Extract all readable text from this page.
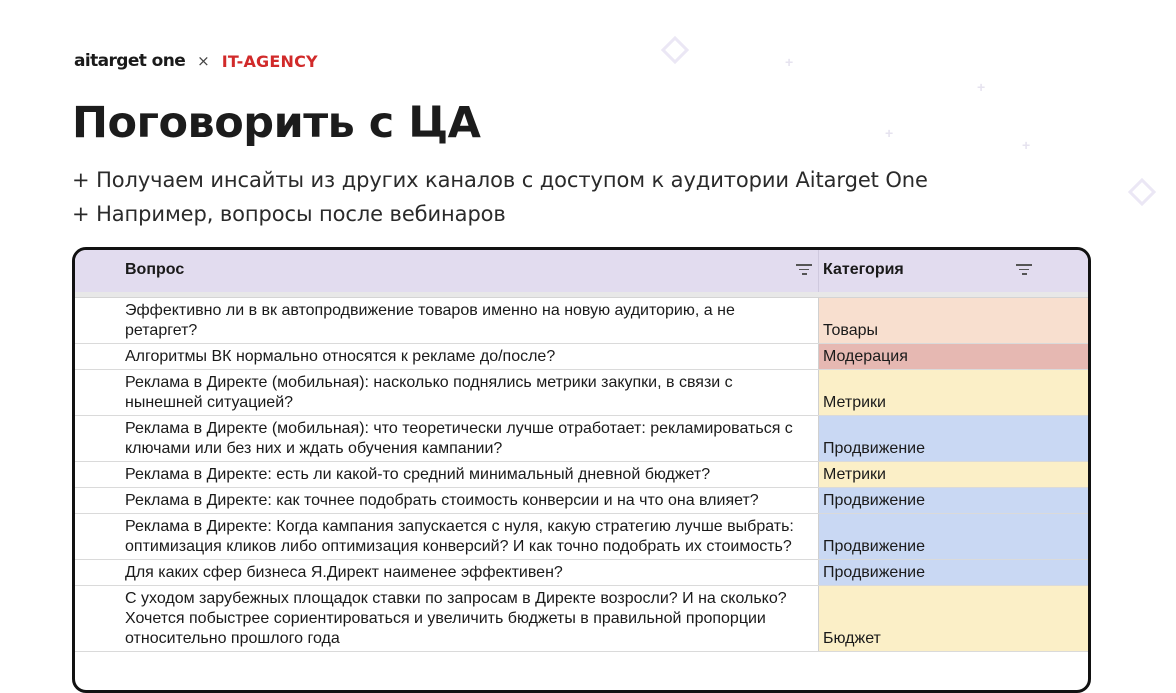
+
+
+
+
aitarget one × IT-AGENCY
Поговорить с ЦА
+ Получаем инсайты из других каналов с доступом к аудитории Aitarget One
+ Например, вопросы после вебинаров
Вопрос	Категория
Эффективно ли в вк автопродвижение товаров именно на новую аудиторию, а не ретаргет?	Товары
Алгоритмы ВК нормально относятся к рекламе до/после?	Модерация
Реклама в Директе (мобильная): насколько поднялись метрики закупки, в связи с нынешней ситуацией?	Метрики
Реклама в Директе (мобильная): что теоретически лучше отработает: рекламироваться с ключами или без них и ждать обучения кампании?	Продвижение
Реклама в Директе: есть ли какой-то средний минимальный дневной бюджет?	Метрики
Реклама в Директе: как точнее подобрать стоимость конверсии и на что она влияет?	Продвижение
Реклама в Директе: Когда кампания запускается с нуля, какую стратегию лучше выбрать: оптимизация кликов либо оптимизация конверсий? И как точно подобрать их стоимость?	Продвижение
Для каких сфер бизнеса Я.Директ наименее эффективен?	Продвижение
С уходом зарубежных площадок ставки по запросам в Директе возросли? И на сколько? Хочется побыстрее сориентироваться и увеличить бюджеты в правильной пропорции относительно прошлого года	Бюджет
